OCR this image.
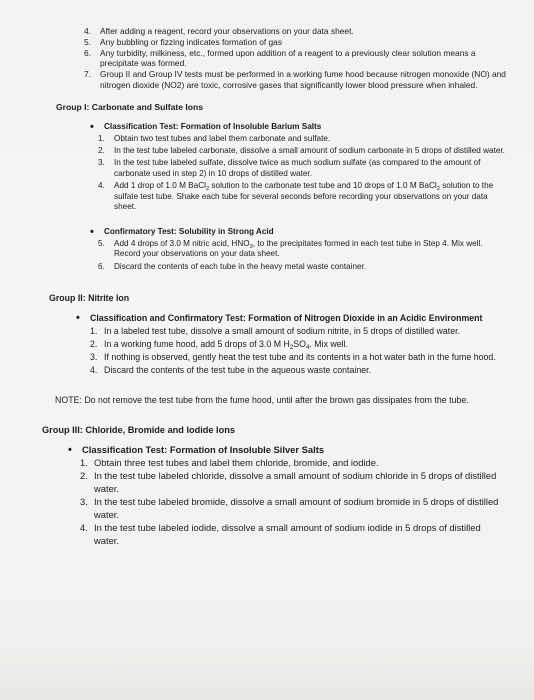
4. After adding a reagent, record your observations on your data sheet.
5. Any bubbling or fizzing indicates formation of gas
6. Any turbidity, milkiness, etc., formed upon addition of a reagent to a previously clear solution means a precipitate was formed.
7. Group II and Group IV tests must be performed in a working fume hood because nitrogen monoxide (NO) and nitrogen dioxide (NO2) are toxic, corrosive gases that significantly lower blood pressure when inhaled.
Group I: Carbonate and Sulfate Ions
• Classification Test: Formation of Insoluble Barium Salts
1. Obtain two test tubes and label them carbonate and sulfate.
2. In the test tube labeled carbonate, dissolve a small amount of sodium carbonate in 5 drops of distilled water.
3. In the test tube labeled sulfate, dissolve twice as much sodium sulfate (as compared to the amount of carbonate used in step 2) in 10 drops of distilled water.
4. Add 1 drop of 1.0 M BaCl$_2$ solution to the carbonate test tube and 10 drops of 1.0 M BaCl$_2$ solution to the sulfate test tube. Shake each tube for several seconds before recording your observations on your data sheet.
• Confirmatory Test: Solubility in Strong Acid
5. Add 4 drops of 3.0 M nitric acid, $HNO_3$, to the precipitates formed in each test tube in Step 4. Mix well. Record your observations on your data sheet.
6. Discard the contents of each tube in the heavy metal waste container.
Group II: Nitrite Ion
• Classification and Confirmatory Test: Formation of Nitrogen Dioxide in an Acidic Environment
1. In a labeled test tube, dissolve a small amount of sodium nitrite, in 5 drops of distilled water.
2. In a working fume hood, add 5 drops of 3.0 M $H_2SO_4$. Mix well.
3. If nothing is observed, gently heat the test tube and its contents in a hot water bath in the fume hood.
4. Discard the contents of the test tube in the aqueous waste container.
NOTE: Do not remove the test tube from the fume hood, until after the brown gas dissipates from the tube.
Group III: Chloride, Bromide and Iodide Ions
• Classification Test: Formation of Insoluble Silver Salts
1. Obtain three test tubes and label them chloride, bromide, and iodide.
2. In the test tube labeled chloride, dissolve a small amount of sodium chloride in 5 drops of distilled water.
3. In the test tube labeled bromide, dissolve a small amount of sodium bromide in 5 drops of distilled water.
4. In the test tube labeled iodide, dissolve a small amount of sodium iodide in 5 drops of distilled water.
